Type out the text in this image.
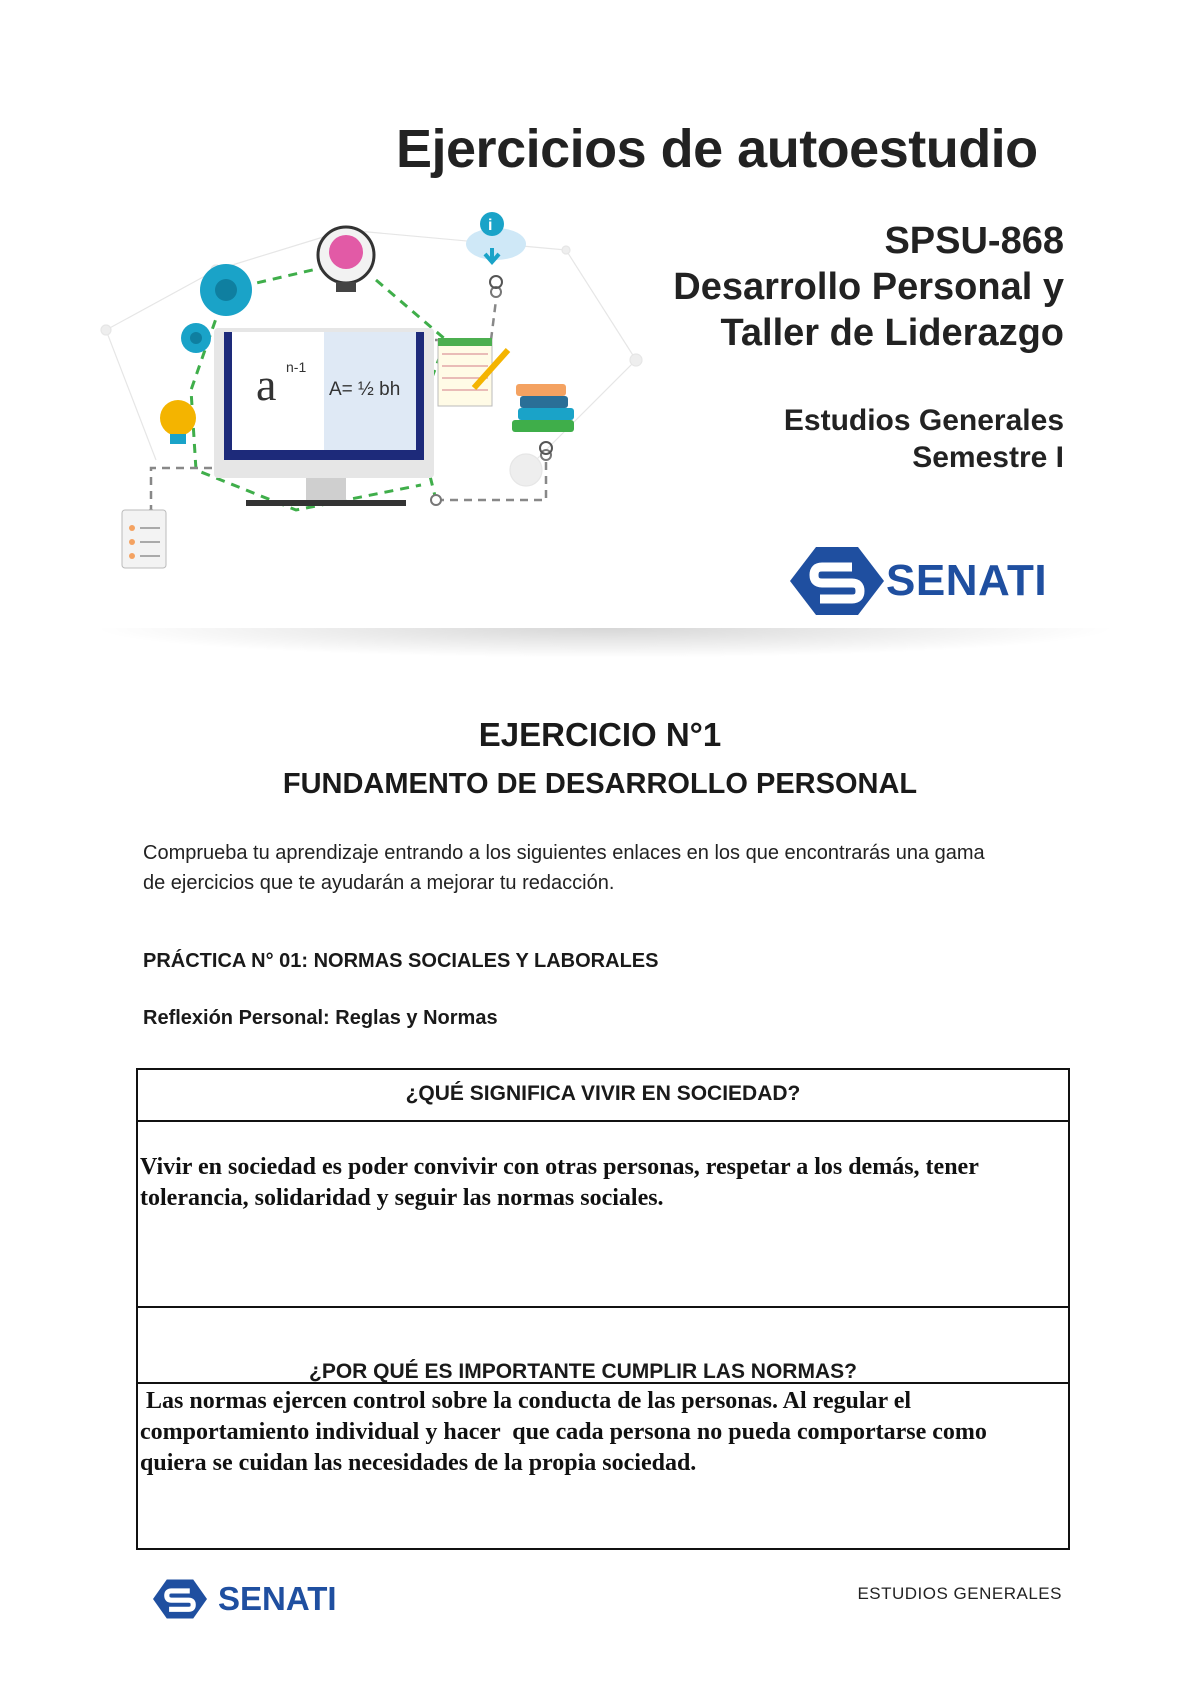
Ejercicios de autoestudio
a n-1
A= ½ bh
i	SPSU-868
Desarrollo Personal y
Taller de Liderazgo
Estudios Generales
Semestre I
SENATI
EJERCICIO N°1
FUNDAMENTO DE DESARROLLO PERSONAL
Comprueba tu aprendizaje entrando a los siguientes enlaces en los que encontrarás una gama
de ejercicios que te ayudarán a mejorar tu redacción.
PRÁCTICA N° 01: NORMAS SOCIALES Y LABORALES
Reflexión Personal: Reglas y Normas
¿QUÉ SIGNIFICA VIVIR EN SOCIEDAD?
Vivir en sociedad es poder convivir con otras personas, respetar a los demás, tener
tolerancia, solidaridad y seguir las normas sociales.
¿POR QUÉ ES IMPORTANTE CUMPLIR LAS NORMAS?
Las normas ejercen control sobre la conducta de las personas. Al regular el
comportamiento individual y hacer  que cada persona no pueda comportarse como
quiera se cuidan las necesidades de la propia sociedad.
SENATI	ESTUDIOS GENERALES
